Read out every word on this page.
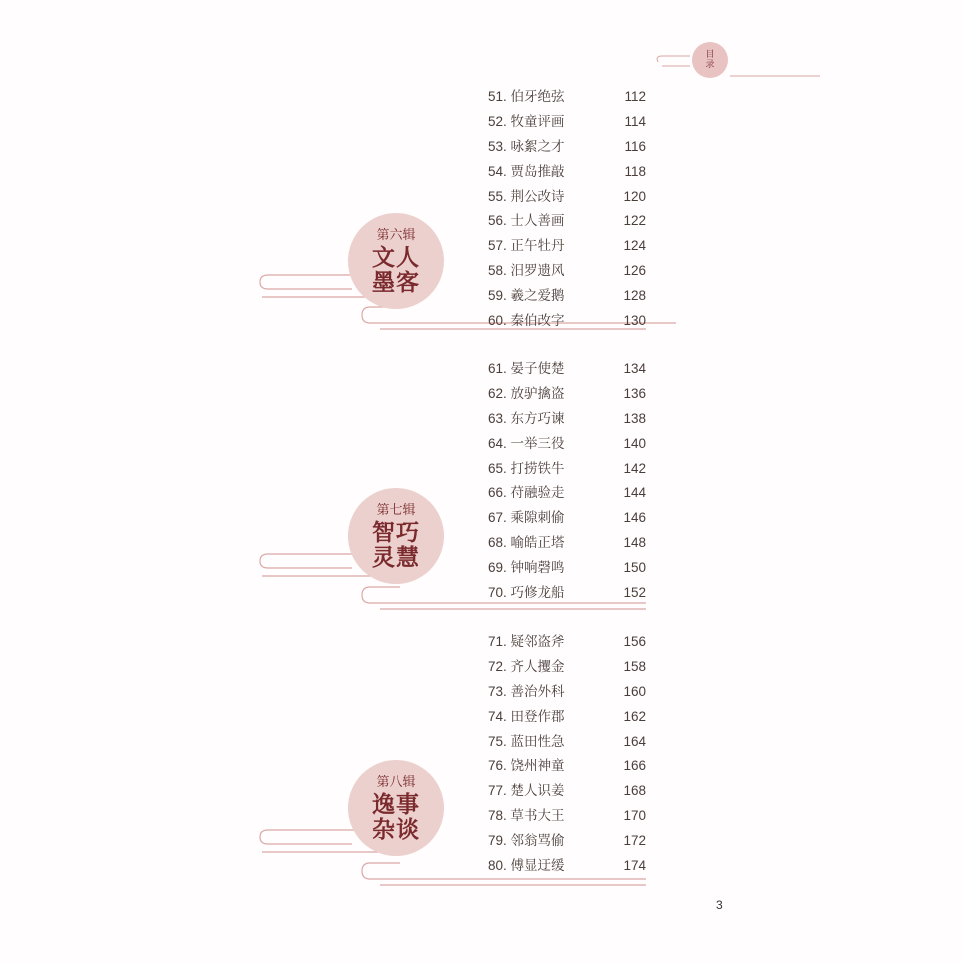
目
录
51. 伯牙绝弦	112
52. 牧童评画	114
53. 咏絮之才	116
54. 贾岛推敲	118
55. 荆公改诗	120
56. 士人善画	122
57. 正午牡丹	124
58. 汨罗遗风	126
59. 羲之爱鹅	128
60. 秦伯改字	130
第六辑
文人
墨客
61. 晏子使楚	134
62. 放驴擒盗	136
63. 东方巧谏	138
64. 一举三役	140
65. 打捞铁牛	142
66. 苻融验走	144
67. 乘隙刺偷	146
68. 喻皓正塔	148
69. 钟响磬鸣	150
70. 巧修龙船	152
第七辑
智巧
灵慧
71. 疑邻盗斧	156
72. 齐人攫金	158
73. 善治外科	160
74. 田登作郡	162
75. 蓝田性急	164
76. 饶州神童	166
77. 楚人识姜	168
78. 草书大王	170
79. 邻翁骂偷	172
80. 傅显迂缓	174
第八辑
逸事
杂谈
3
